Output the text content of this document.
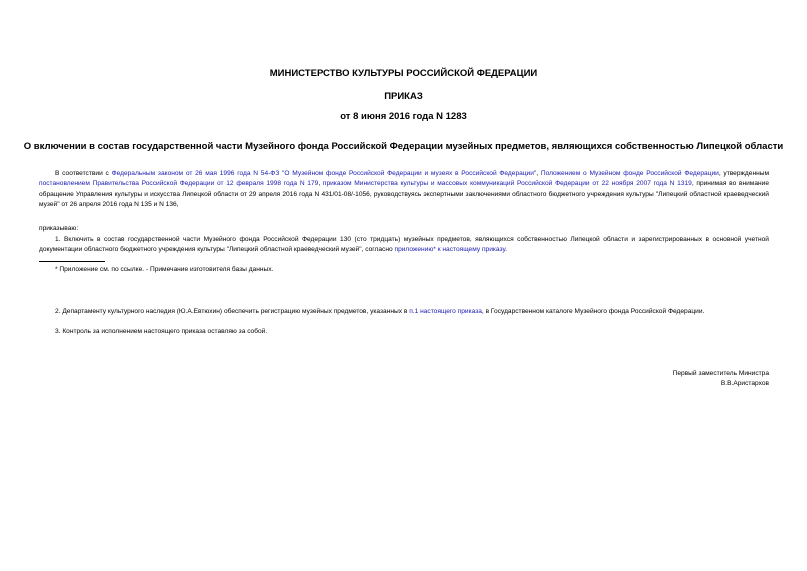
МИНИСТЕРСТВО КУЛЬТУРЫ РОССИЙСКОЙ ФЕДЕРАЦИИ
ПРИКАЗ
от 8 июня 2016 года N 1283
О включении в состав государственной части Музейного фонда Российской Федерации музейных предметов, являющихся собственностью Липецкой области
В соответствии с Федеральным законом от 26 мая 1996 года N 54-ФЗ "О Музейном фонде Российской Федерации и музеях в Российской Федерации", Положением о Музейном фонде Российской Федерации, утвержденным постановлением Правительства Российской Федерации от 12 февраля 1998 года N 179, приказом Министерства культуры и массовых коммуникаций Российской Федерации от 22 ноября 2007 года N 1319, принимая во внимание обращение Управления культуры и искусства Липецкой области от 29 апреля 2016 года N 431/01-08/-1056, руководствуясь экспертными заключениями областного бюджетного учреждения культуры "Липецкий областной краеведческий музей" от 26 апреля 2016 года N 135 и N 136,
приказываю:
1. Включить в состав государственной части Музейного фонда Российской Федерации 130 (сто тридцать) музейных предметов, являющихся собственностью Липецкой области и зарегистрированных в основной учетной документации областного бюджетного учреждения культуры "Липецкий областной краеведческий музей", согласно приложению* к настоящему приказу.
* Приложение см. по ссылке. - Примечание изготовителя базы данных.
2. Департаменту культурного наследия (Ю.А.Евтюхин) обеспечить регистрацию музейных предметов, указанных в п.1 настоящего приказа, в Государственном каталоге Музейного фонда Российской Федерации.
3. Контроль за исполнением настоящего приказа оставляю за собой.
Первый заместитель Министра
В.В.Аристархов
